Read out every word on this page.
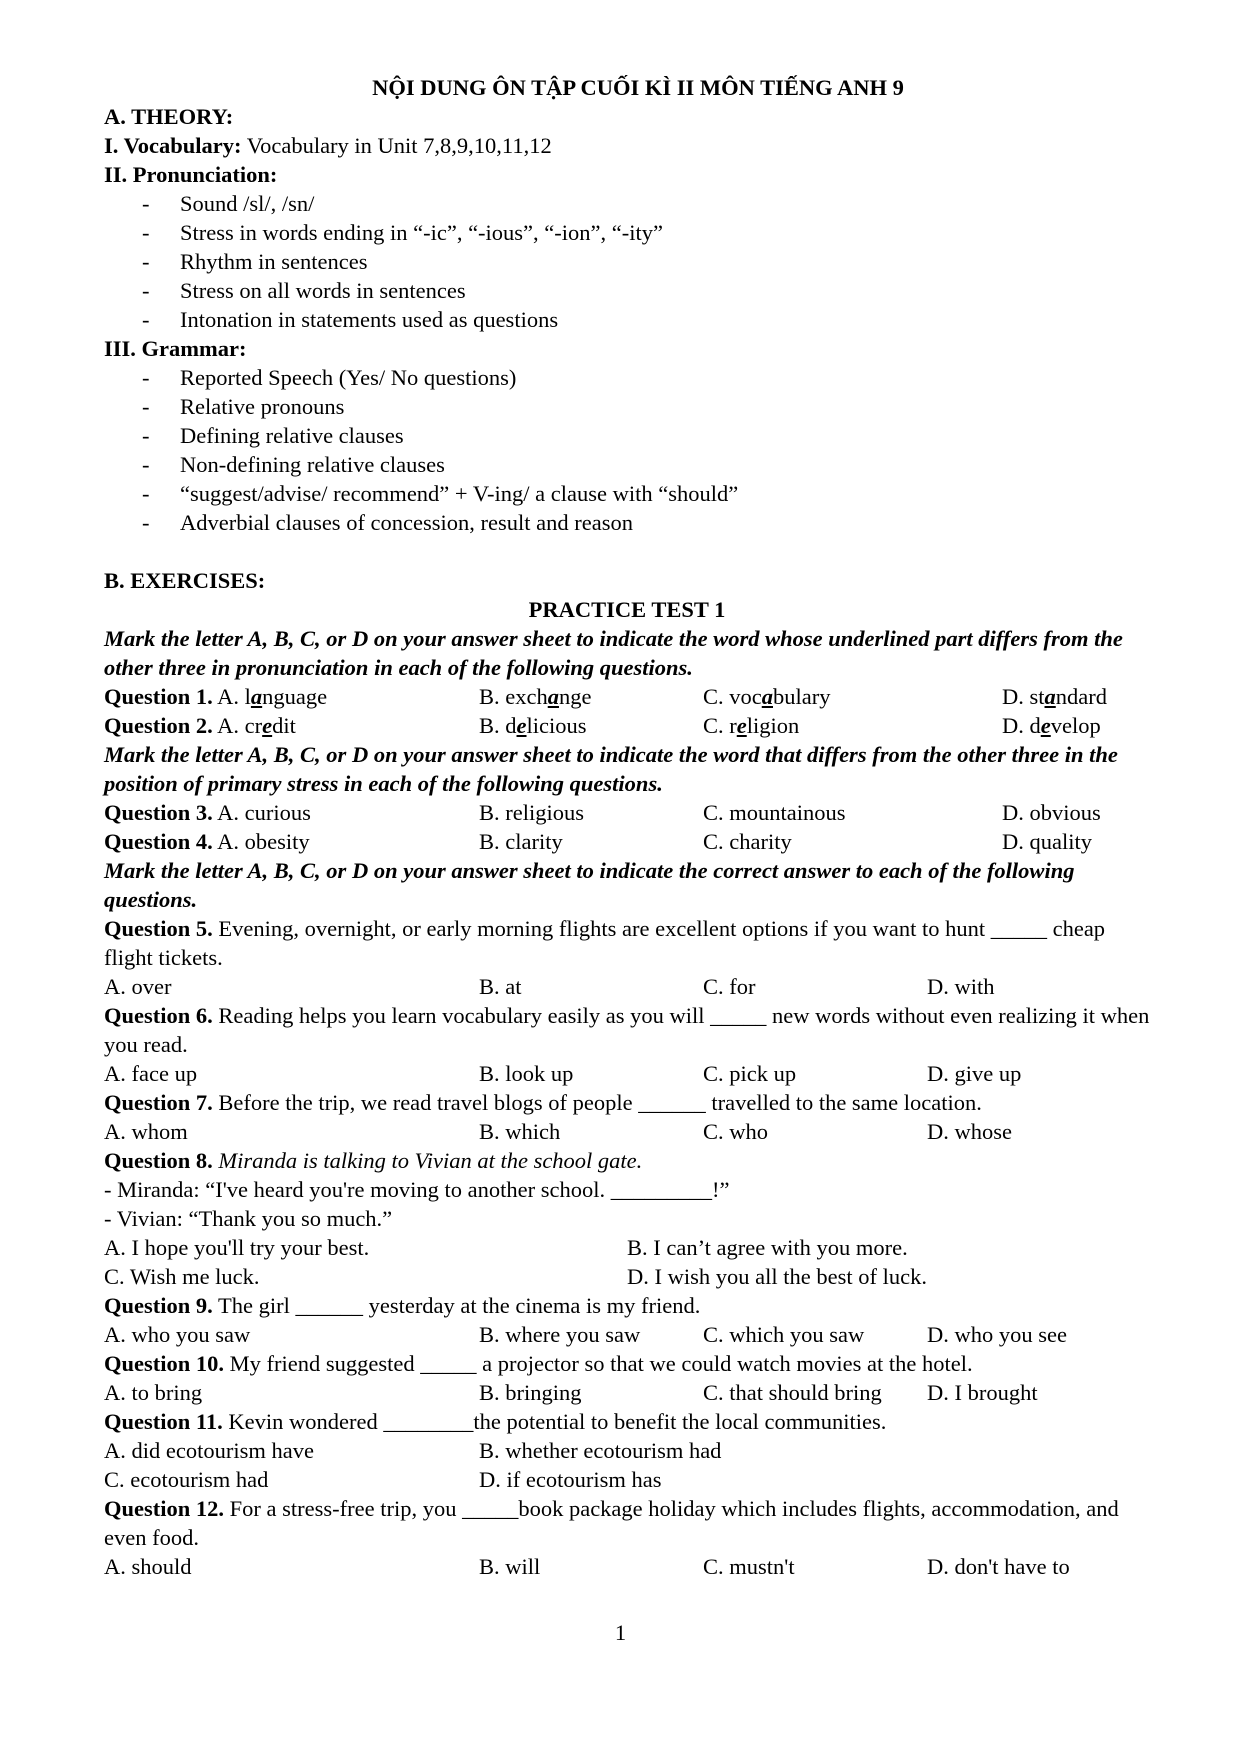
NỘI DUNG ÔN TẬP CUỐI KÌ II MÔN TIẾNG ANH 9
A. THEORY:
I. Vocabulary: Vocabulary in Unit 7,8,9,10,11,12
II. Pronunciation:
-	Sound /sl/, /sn/
-	Stress in words ending in “-ic”, “-ious”, “-ion”, “-ity”
-	Rhythm in sentences
-	Stress on all words in sentences
-	Intonation in statements used as questions
III. Grammar:
-	Reported Speech (Yes/ No questions)
-	Relative pronouns
-	Defining relative clauses
-	Non-defining relative clauses
-	“suggest/advise/ recommend” + V-ing/ a clause with “should”
-	Adverbial clauses of concession, result and reason
B. EXERCISES:
PRACTICE TEST 1
Mark the letter A, B, C, or D on your answer sheet to indicate the word whose underlined part differs from the other three in pronunciation in each of the following questions.
Question 1. A. language	B. exchange	C. vocabulary	D. standard
Question 2. A. credit	B. delicious	C. religion	D. develop
Mark the letter A, B, C, or D on your answer sheet to indicate the word that differs from the other three in the position of primary stress in each of the following questions.
Question 3. A. curious	B. religious	C. mountainous	D. obvious
Question 4. A. obesity	B. clarity	C. charity	D. quality
Mark the letter A, B, C, or D on your answer sheet to indicate the correct answer to each of the following questions.
Question 5. Evening, overnight, or early morning flights are excellent options if you want to hunt _____ cheap flight tickets.
A. over	B. at	C. for	D. with
Question 6. Reading helps you learn vocabulary easily as you will _____ new words without even realizing it when you read.
A. face up	B. look up	C. pick up	D. give up
Question 7. Before the trip, we read travel blogs of people ______ travelled to the same location.
A. whom	B. which	C. who	D. whose
Question 8. Miranda is talking to Vivian at the school gate.
- Miranda: “I've heard you're moving to another school. _________!”
- Vivian: “Thank you so much.”
A. I hope you'll try your best.	B. I can’t agree with you more.
C. Wish me luck.	D. I wish you all the best of luck.
Question 9. The girl ______ yesterday at the cinema is my friend.
A. who you saw	B. where you saw	C. which you saw	D. who you see
Question 10. My friend suggested _____ a projector so that we could watch movies at the hotel.
A. to bring	B. bringing	C. that should bring	D. I brought
Question 11. Kevin wondered ________the potential to benefit the local communities.
A. did ecotourism have	B. whether ecotourism had
C. ecotourism had	D. if ecotourism has
Question 12. For a stress-free trip, you _____book package holiday which includes flights, accommodation, and even food.
A. should	B. will	C. mustn't	D. don't have to
1
